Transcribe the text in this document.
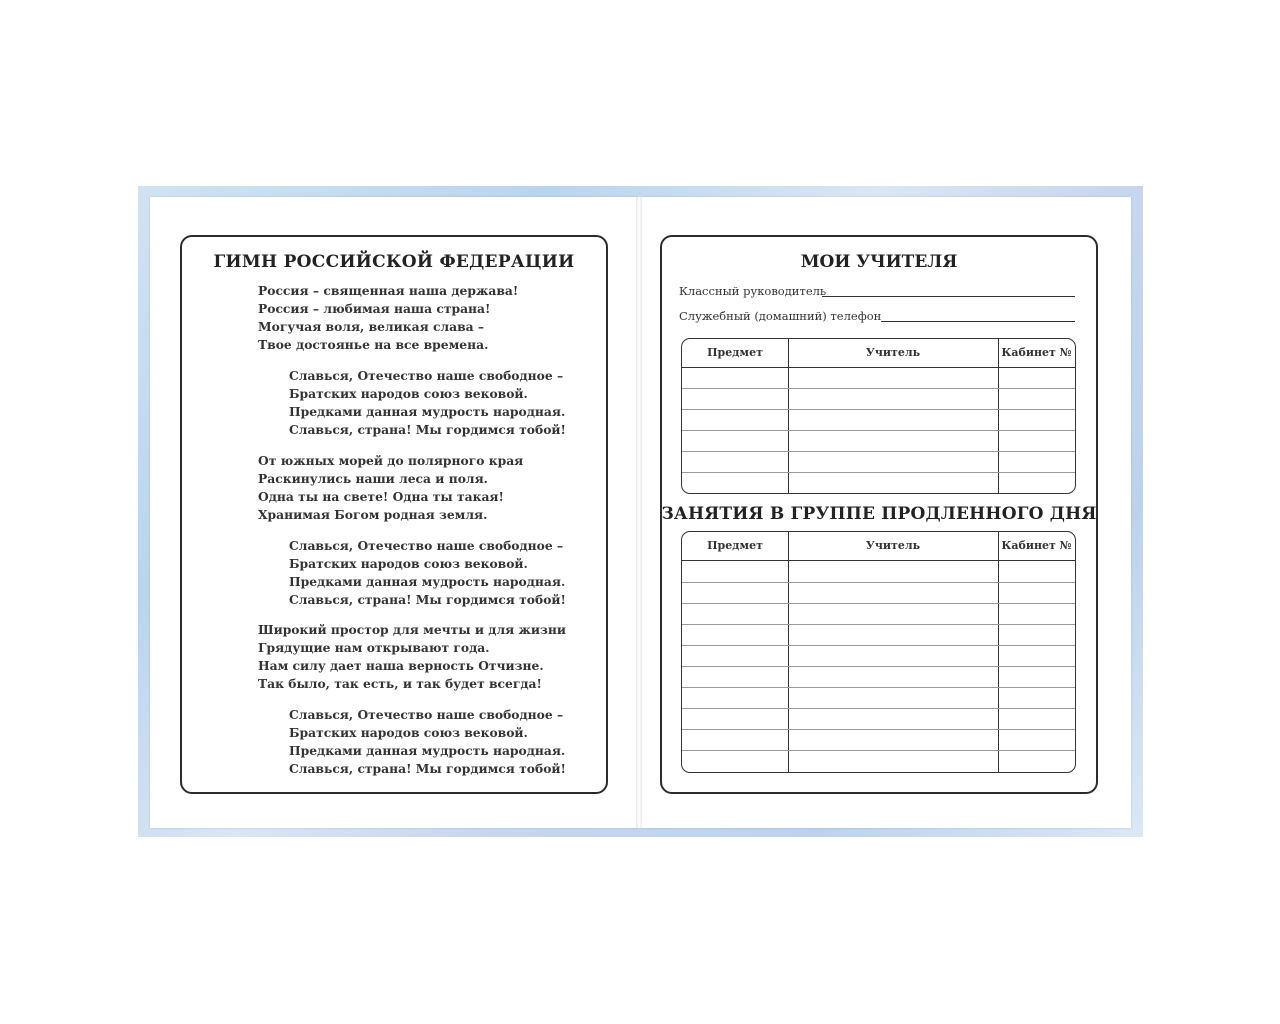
ГИМН РОССИЙСКОЙ ФЕДЕРАЦИИ
Россия – священная наша держава!
Россия – любимая наша страна!
Могучая воля, великая слава –
Твое достоянье на все времена.
Славься, Отечество наше свободное –
Братских народов союз вековой.
Предками данная мудрость народная.
Славься, страна! Мы гордимся тобой!
От южных морей до полярного края
Раскинулись наши леса и поля.
Одна ты на свете! Одна ты такая!
Хранимая Богом родная земля.
Славься, Отечество наше свободное –
Братских народов союз вековой.
Предками данная мудрость народная.
Славься, страна! Мы гордимся тобой!
Широкий простор для мечты и для жизни
Грядущие нам открывают года.
Нам силу дает наша верность Отчизне.
Так было, так есть, и так будет всегда!
Славься, Отечество наше свободное –
Братских народов союз вековой.
Предками данная мудрость народная.
Славься, страна! Мы гордимся тобой!
МОИ УЧИТЕЛЯ
Классный руководитель
Служебный (домашний) телефон
Предмет	Учитель	Кабинет №
ЗАНЯТИЯ В ГРУППЕ ПРОДЛЕННОГО ДНЯ
Предмет	Учитель	Кабинет №
